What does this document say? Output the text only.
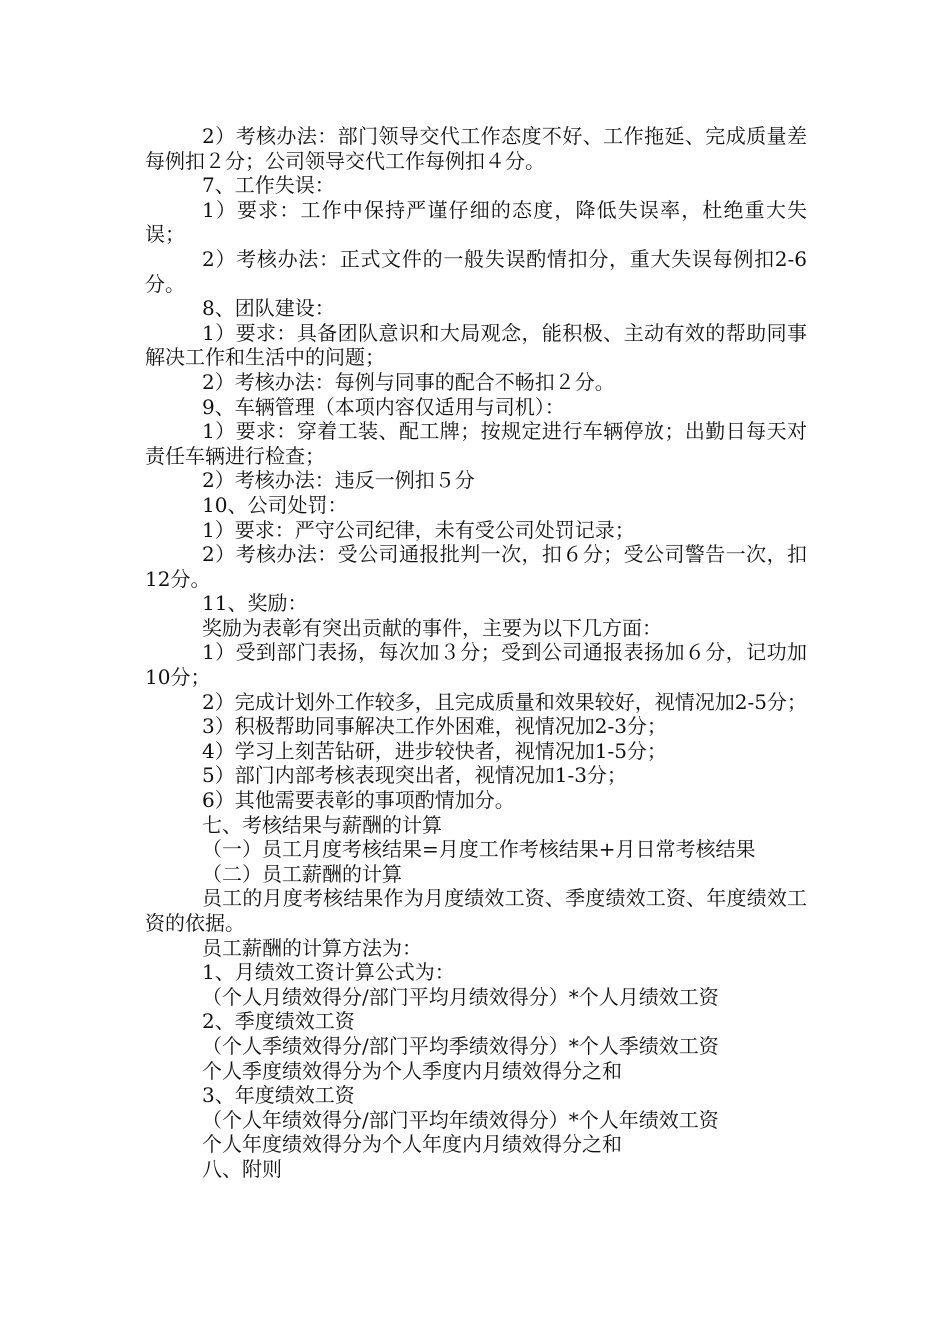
2）考核办法：部门领导交代工作态度不好、工作拖延、完成质量差每例扣２分；公司领导交代工作每例扣４分。

7、工作失误：

1）要求：工作中保持严谨仔细的态度，降低失误率，杜绝重大失误；

2）考核办法：正式文件的一般失误酌情扣分，重大失误每例扣2-6分。

8、团队建设：

1）要求：具备团队意识和大局观念，能积极、主动有效的帮助同事解决工作和生活中的问题；

2）考核办法：每例与同事的配合不畅扣２分。

9、车辆管理（本项内容仅适用与司机）：

1）要求：穿着工装、配工牌；按规定进行车辆停放；出勤日每天对责任车辆进行检查；

2）考核办法：违反一例扣５分

10、公司处罚：

1）要求：严守公司纪律，未有受公司处罚记录；

2）考核办法：受公司通报批判一次，扣６分；受公司警告一次，扣12分。

11、奖励：

奖励为表彰有突出贡献的事件，主要为以下几方面：

1）受到部门表扬，每次加３分；受到公司通报表扬加６分，记功加10分；

2）完成计划外工作较多，且完成质量和效果较好，视情况加2-5分；

3）积极帮助同事解决工作外困难，视情况加2-3分；

4）学习上刻苦钻研，进步较快者，视情况加1-5分；

5）部门内部考核表现突出者，视情况加1-3分；

6）其他需要表彰的事项酌情加分。

七、考核结果与薪酬的计算

（一）员工月度考核结果=月度工作考核结果+月日常考核结果

（二）员工薪酬的计算

员工的月度考核结果作为月度绩效工资、季度绩效工资、年度绩效工资的依据。

员工薪酬的计算方法为：

1、月绩效工资计算公式为：

（个人月绩效得分/部门平均月绩效得分）*个人月绩效工资

2、季度绩效工资

（个人季绩效得分/部门平均季绩效得分）*个人季绩效工资

个人季度绩效得分为个人季度内月绩效得分之和

3、年度绩效工资

（个人年绩效得分/部门平均年绩效得分）*个人年绩效工资

个人年度绩效得分为个人年度内月绩效得分之和

八、附则
